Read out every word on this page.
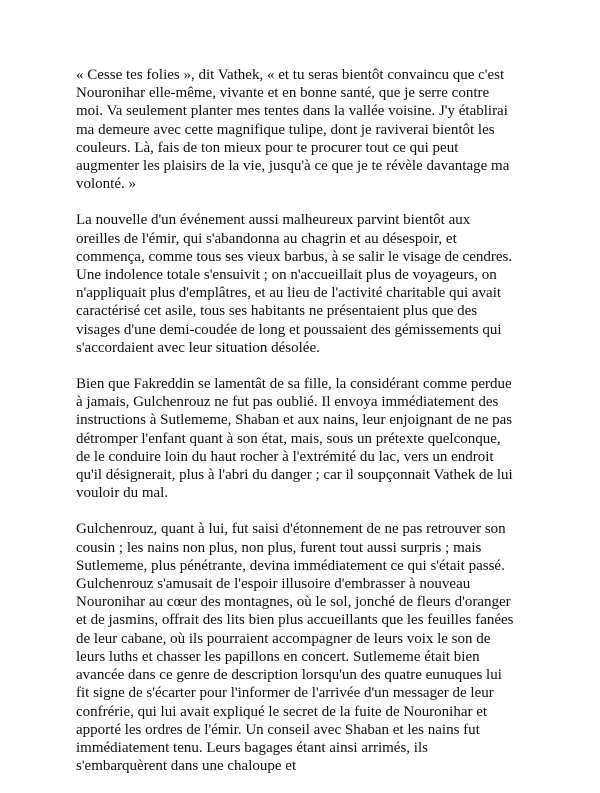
« Cesse tes folies », dit Vathek, « et tu seras bientôt convaincu que c'est Nouronihar elle-même, vivante et en bonne santé, que je serre contre moi. Va seulement planter mes tentes dans la vallée voisine. J'y établirai ma demeure avec cette magnifique tulipe, dont je raviverai bientôt les couleurs. Là, fais de ton mieux pour te procurer tout ce qui peut augmenter les plaisirs de la vie, jusqu'à ce que je te révèle davantage ma volonté. »

La nouvelle d'un événement aussi malheureux parvint bientôt aux oreilles de l'émir, qui s'abandonna au chagrin et au désespoir, et commença, comme tous ses vieux barbus, à se salir le visage de cendres. Une indolence totale s'ensuivit ; on n'accueillait plus de voyageurs, on n'appliquait plus d'emplâtres, et au lieu de l'activité charitable qui avait caractérisé cet asile, tous ses habitants ne présentaient plus que des visages d'une demi-coudée de long et poussaient des gémissements qui s'accordaient avec leur situation désolée.

Bien que Fakreddin se lamentât de sa fille, la considérant comme perdue à jamais, Gulchenrouz ne fut pas oublié. Il envoya immédiatement des instructions à Sutlememe, Shaban et aux nains, leur enjoignant de ne pas détromper l'enfant quant à son état, mais, sous un prétexte quelconque, de le conduire loin du haut rocher à l'extrémité du lac, vers un endroit qu'il désignerait, plus à l'abri du danger ; car il soupçonnait Vathek de lui vouloir du mal.

Gulchenrouz, quant à lui, fut saisi d'étonnement de ne pas retrouver son cousin ; les nains non plus, non plus, furent tout aussi surpris ; mais Sutlememe, plus pénétrante, devina immédiatement ce qui s'était passé. Gulchenrouz s'amusait de l'espoir illusoire d'embrasser à nouveau Nouronihar au cœur des montagnes, où le sol, jonché de fleurs d'oranger et de jasmins, offrait des lits bien plus accueillants que les feuilles fanées de leur cabane, où ils pourraient accompagner de leurs voix le son de leurs luths et chasser les papillons en concert. Sutlememe était bien avancée dans ce genre de description lorsqu'un des quatre eunuques lui fit signe de s'écarter pour l'informer de l'arrivée d'un messager de leur confrérie, qui lui avait expliqué le secret de la fuite de Nouronihar et apporté les ordres de l'émir. Un conseil avec Shaban et les nains fut immédiatement tenu. Leurs bagages étant ainsi arrimés, ils s'embarquèrent dans une chaloupe et
